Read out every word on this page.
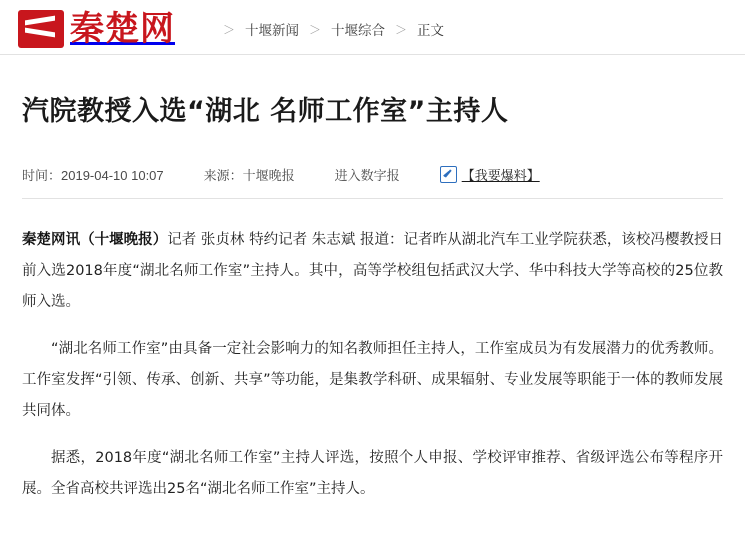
秦楚网	＞ 十堰新闻 ＞ 十堰综合 ＞ 正文
汽院教授入选“湖北 名师工作室”主持人
时间：2019-04-10 10:07	来源：十堰晚报	进入数字报	【我要爆料】

秦楚网讯（十堰晚报）记者 张贞林 特约记者 朱志斌 报道：记者昨从湖北汽车工业学院获悉，该校冯樱教授日前入选2018年度“湖北名师工作室”主持人。其中，高等学校组包括武汉大学、华中科技大学等高校的25位教师入选。

“湖北名师工作室”由具备一定社会影响力的知名教师担任主持人，工作室成员为有发展潜力的优秀教师。工作室发挥“引领、传承、创新、共享”等功能，是集教学科研、成果辐射、专业发展等职能于一体的教师发展共同体。

据悉，2018年度“湖北名师工作室”主持人评选，按照个人申报、学校评审推荐、省级评选公布等程序开展。全省高校共评选出25名“湖北名师工作室”主持人。
